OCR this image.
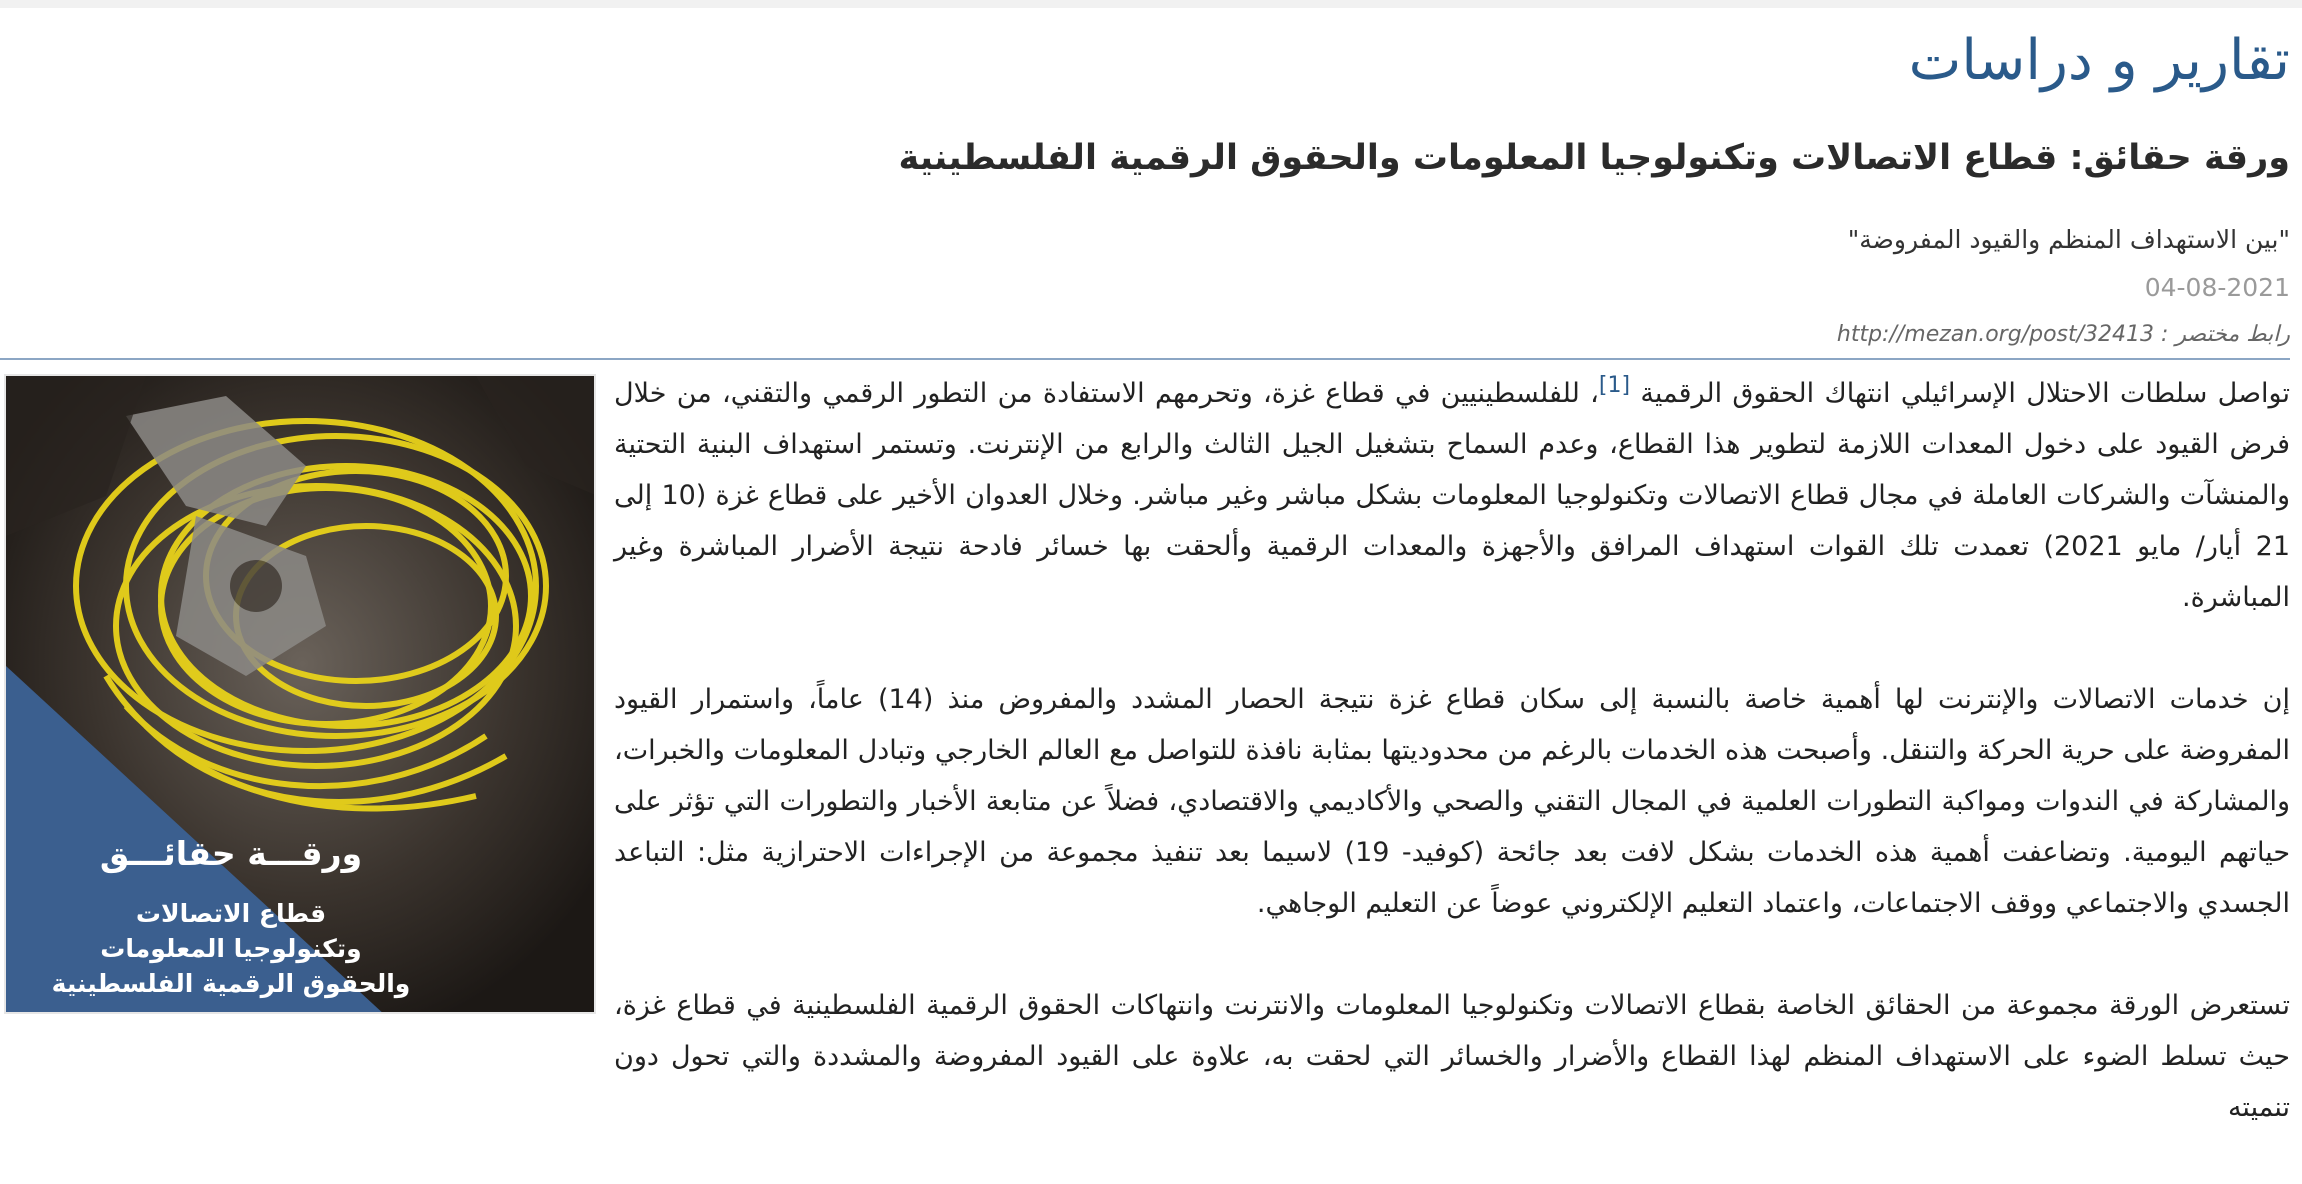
تقارير و دراسات
ورقة حقائق: قطاع الاتصالات وتكنولوجيا المعلومات والحقوق الرقمية الفلسطينية
"بين الاستهداف المنظم والقيود المفروضة"
04-08-2021
رابط مختصر : http://mezan.org/post/32413

تواصل سلطات الاحتلال الإسرائيلي انتهاك الحقوق الرقمية [1]، للفلسطينيين في قطاع غزة، وتحرمهم الاستفادة من التطور الرقمي والتقني، من خلال فرض القيود على دخول المعدات اللازمة لتطوير هذا القطاع، وعدم السماح بتشغيل الجيل الثالث والرابع من الإنترنت. وتستمر استهداف البنية التحتية والمنشآت والشركات العاملة في مجال قطاع الاتصالات وتكنولوجيا المعلومات بشكل مباشر وغير مباشر. وخلال العدوان الأخير على قطاع غزة (10 إلى 21 أيار/ مايو 2021) تعمدت تلك القوات استهداف المرافق والأجهزة والمعدات الرقمية وألحقت بها خسائر فادحة نتيجة الأضرار المباشرة وغير المباشرة.

إن خدمات الاتصالات والإنترنت لها أهمية خاصة بالنسبة إلى سكان قطاع غزة نتيجة الحصار المشدد والمفروض منذ (14) عاماً، واستمرار القيود المفروضة على حرية الحركة والتنقل. وأصبحت هذه الخدمات بالرغم من محدوديتها بمثابة نافذة للتواصل مع العالم الخارجي وتبادل المعلومات والخبرات، والمشاركة في الندوات ومواكبة التطورات العلمية في المجال التقني والصحي والأكاديمي والاقتصادي، فضلاً عن متابعة الأخبار والتطورات التي تؤثر على حياتهم اليومية. وتضاعفت أهمية هذه الخدمات بشكل لافت بعد جائحة (كوفيد- 19) لاسيما بعد تنفيذ مجموعة من الإجراءات الاحترازية مثل: التباعد الجسدي والاجتماعي ووقف الاجتماعات، واعتماد التعليم الإلكتروني عوضاً عن التعليم الوجاهي.

تستعرض الورقة مجموعة من الحقائق الخاصة بقطاع الاتصالات وتكنولوجيا المعلومات والانترنت وانتهاكات الحقوق الرقمية الفلسطينية في قطاع غزة، حيث تسلط الضوء على الاستهداف المنظم لهذا القطاع والأضرار والخسائر التي لحقت به، علاوة على القيود المفروضة والمشددة والتي تحول دون تنميته

ورقـــة حقائـــق
قطاع الاتصالات
وتكنولوجيا المعلومات
والحقوق الرقمية الفلسطينية
